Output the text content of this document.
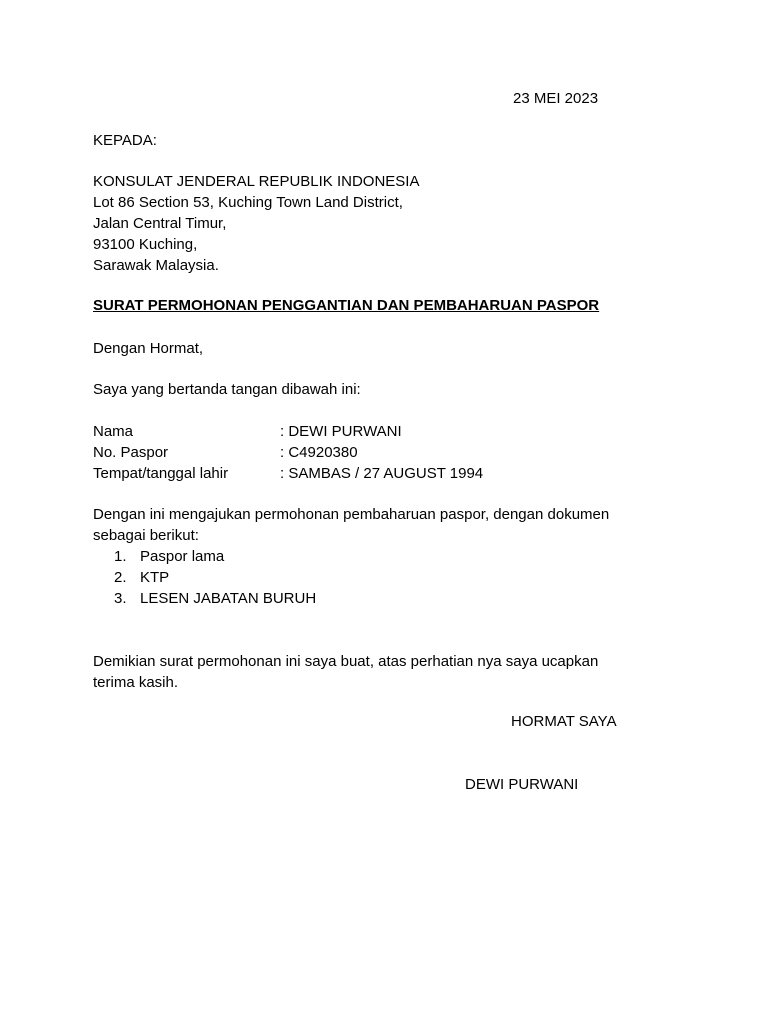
23 MEI 2023
KEPADA:
KONSULAT JENDERAL REPUBLIK INDONESIA
Lot 86 Section 53, Kuching Town Land District,
Jalan Central Timur,
93100 Kuching,
Sarawak Malaysia.
SURAT PERMOHONAN PENGGANTIAN DAN PEMBAHARUAN PASPOR
Dengan Hormat,
Saya yang bertanda tangan dibawah ini:
Nama	: DEWI PURWANI
No. Paspor	: C4920380
Tempat/tanggal lahir	: SAMBAS / 27 AUGUST 1994
Dengan ini mengajukan permohonan pembaharuan paspor, dengan dokumen
sebagai berikut:
1. Paspor lama
2. KTP
3. LESEN JABATAN BURUH
Demikian surat permohonan ini saya buat, atas perhatian nya saya ucapkan
terima kasih.
HORMAT SAYA
DEWI PURWANI
